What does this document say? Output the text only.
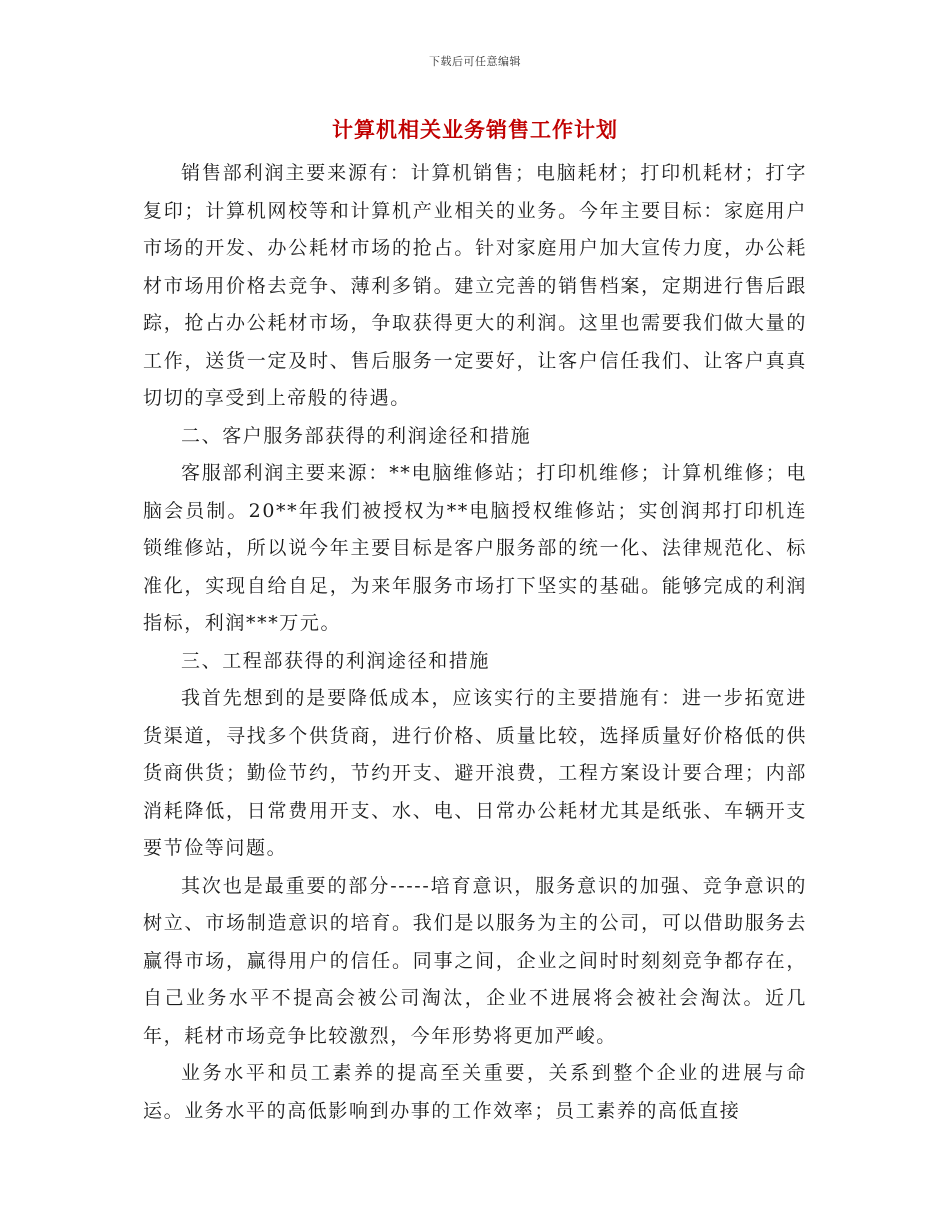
下载后可任意编辑
计算机相关业务销售工作计划

销售部利润主要来源有：计算机销售；电脑耗材；打印机耗材；打字复印；计算机网校等和计算机产业相关的业务。今年主要目标：家庭用户市场的开发、办公耗材市场的抢占。针对家庭用户加大宣传力度，办公耗材市场用价格去竞争、薄利多销。建立完善的销售档案，定期进行售后跟踪，抢占办公耗材市场，争取获得更大的利润。这里也需要我们做大量的工作，送货一定及时、售后服务一定要好，让客户信任我们、让客户真真切切的享受到上帝般的待遇。

二、客户服务部获得的利润途径和措施

客服部利润主要来源：**电脑维修站；打印机维修；计算机维修；电脑会员制。20**年我们被授权为**电脑授权维修站；实创润邦打印机连锁维修站，所以说今年主要目标是客户服务部的统一化、法律规范化、标准化，实现自给自足，为来年服务市场打下坚实的基础。能够完成的利润指标，利润***万元。

三、工程部获得的利润途径和措施

我首先想到的是要降低成本，应该实行的主要措施有：进一步拓宽进货渠道，寻找多个供货商，进行价格、质量比较，选择质量好价格低的供货商供货；勤俭节约，节约开支、避开浪费，工程方案设计要合理；内部消耗降低，日常费用开支、水、电、日常办公耗材尤其是纸张、车辆开支要节俭等问题。

其次也是最重要的部分-----培育意识，服务意识的加强、竞争意识的树立、市场制造意识的培育。我们是以服务为主的公司，可以借助服务去赢得市场，赢得用户的信任。同事之间，企业之间时时刻刻竞争都存在，自己业务水平不提高会被公司淘汰，企业不进展将会被社会淘汰。近几年，耗材市场竞争比较激烈，今年形势将更加严峻。

业务水平和员工素养的提高至关重要，关系到整个企业的进展与命运。业务水平的高低影响到办事的工作效率；员工素养的高低直接
